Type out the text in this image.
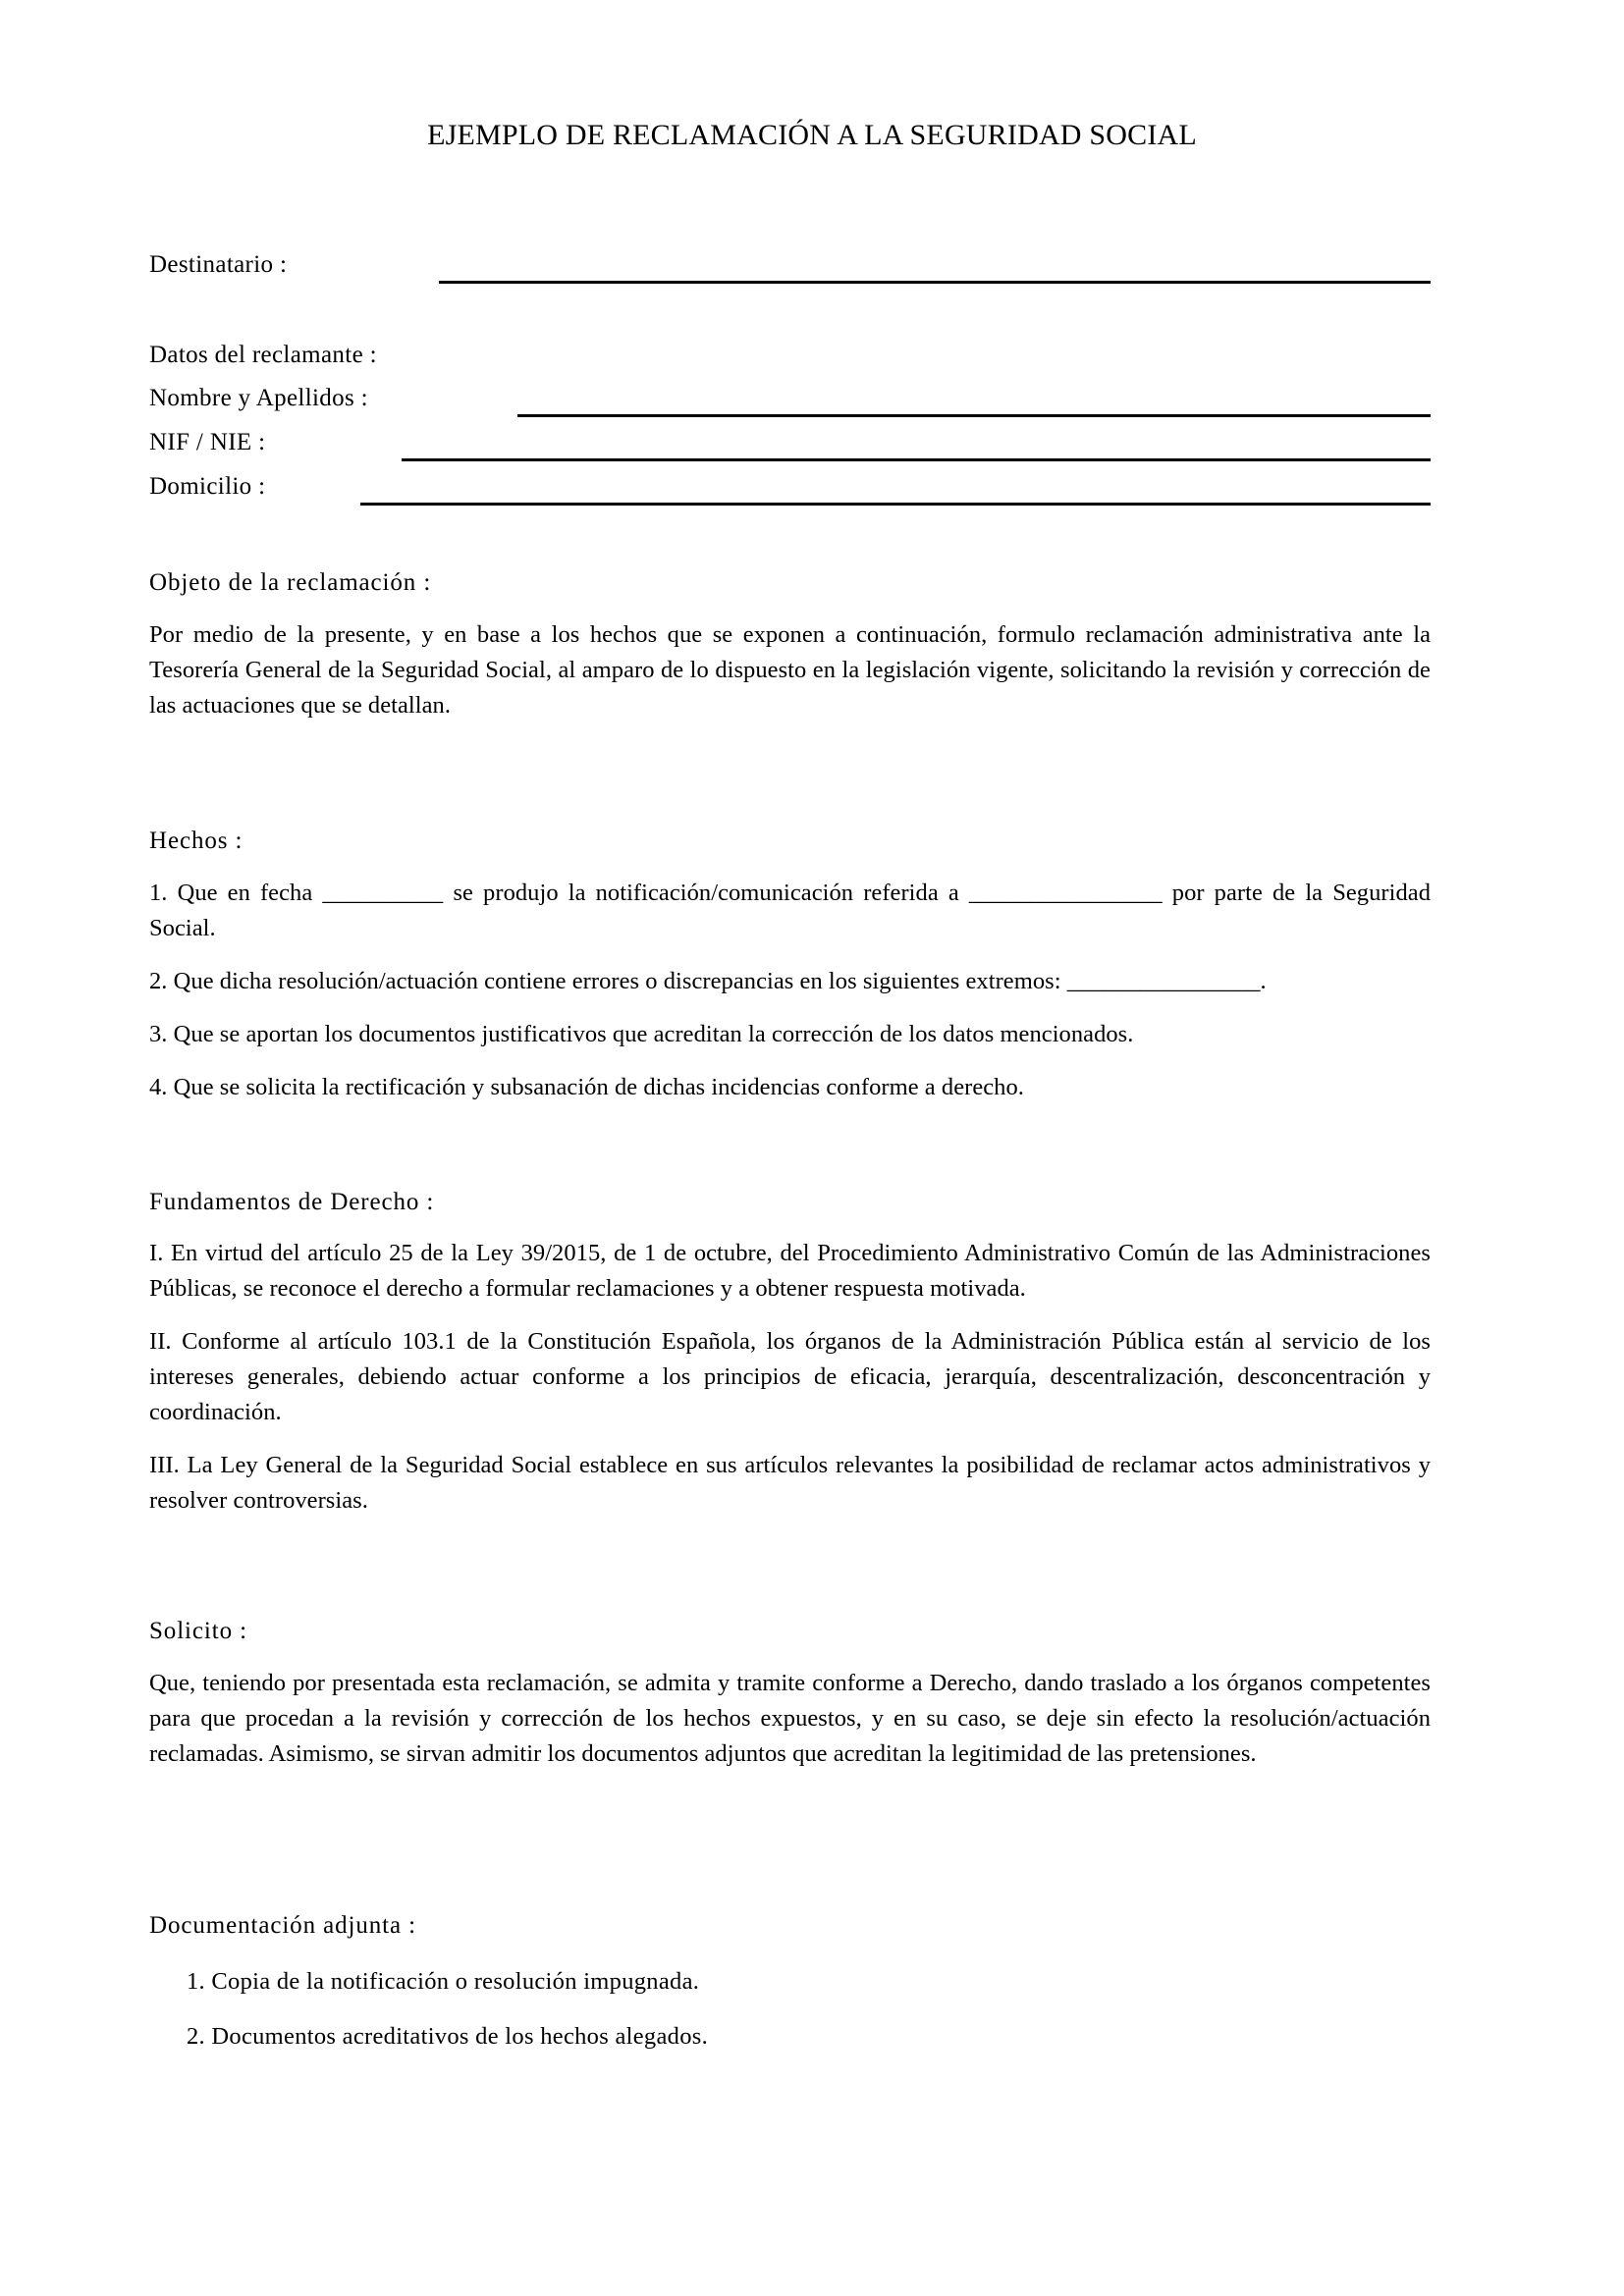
EJEMPLO DE RECLAMACIÓN A LA SEGURIDAD SOCIAL
Destinatario :
Datos del reclamante :
Nombre y Apellidos :
NIF / NIE :
Domicilio :

Objeto de la reclamación :

Por medio de la presente, y en base a los hechos que se exponen a continuación, formulo reclamación administrativa ante la Tesorería General de la Seguridad Social, al amparo de lo dispuesto en la legislación vigente, solicitando la revisión y corrección de las actuaciones que se detallan.

Hechos :

1. Que en fecha __________ se produjo la notificación/comunicación referida a ________________ por parte de la Seguridad Social.

2. Que dicha resolución/actuación contiene errores o discrepancias en los siguientes extremos: ________________.

3. Que se aportan los documentos justificativos que acreditan la corrección de los datos mencionados.

4. Que se solicita la rectificación y subsanación de dichas incidencias conforme a derecho.

Fundamentos de Derecho :

I. En virtud del artículo 25 de la Ley 39/2015, de 1 de octubre, del Procedimiento Administrativo Común de las Administraciones Públicas, se reconoce el derecho a formular reclamaciones y a obtener respuesta motivada.

II. Conforme al artículo 103.1 de la Constitución Española, los órganos de la Administración Pública están al servicio de los intereses generales, debiendo actuar conforme a los principios de eficacia, jerarquía, descentralización, desconcentración y coordinación.

III. La Ley General de la Seguridad Social establece en sus artículos relevantes la posibilidad de reclamar actos administrativos y resolver controversias.

Solicito :

Que, teniendo por presentada esta reclamación, se admita y tramite conforme a Derecho, dando traslado a los órganos competentes para que procedan a la revisión y corrección de los hechos expuestos, y en su caso, se deje sin efecto la resolución/actuación reclamadas. Asimismo, se sirvan admitir los documentos adjuntos que acreditan la legitimidad de las pretensiones.

Documentación adjunta :

1. Copia de la notificación o resolución impugnada.

2. Documentos acreditativos de los hechos alegados.
